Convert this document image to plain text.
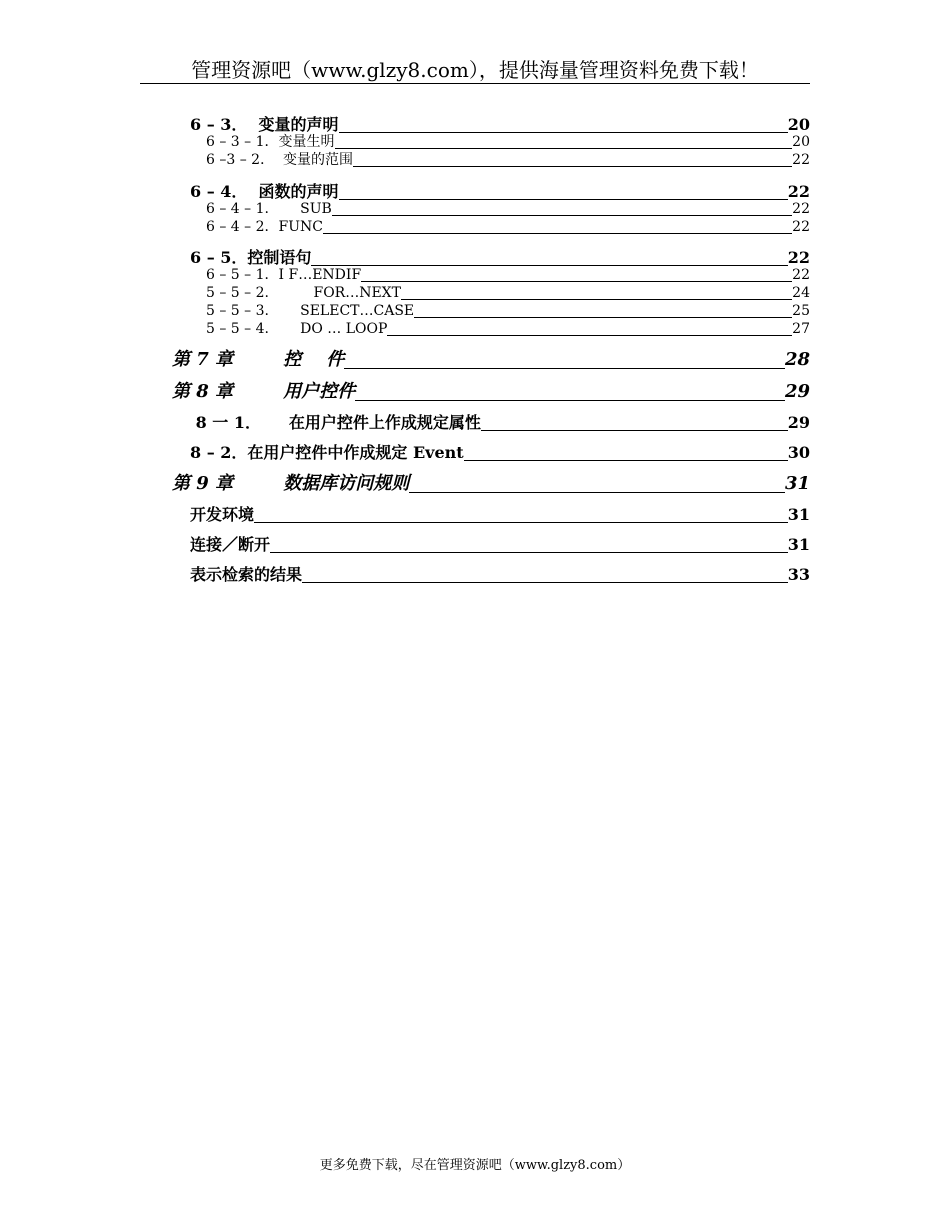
管理资源吧（www.glzy8.com），提供海量管理资料免费下载！
6 – 3．  变量的声明	20
6 – 3 – 1．变量生明	20
6 –3 – 2．  变量的范围	22
6 – 4．  函数的声明	22
6 – 4 – 1.       SUB	22
6 – 4 – 2．FUNC	22
6 – 5．控制语句	22
6 – 5 – 1．I F…ENDIF	22
5 – 5 – 2.          FOR…NEXT	24
5 – 5 – 3.       SELECT…CASE	25
5 – 5 – 4.       DO … LOOP	27
第 7 章        控    件	28
第 8 章        用户控件	29
8 一 1．     在用户控件上作成规定属性	29
8 – 2．在用户控件中作成规定 Event	30
第 9 章        数据库访问规则	31
开发环境	31
连接／断开	31
表示检索的结果	33
更多免费下载，尽在管理资源吧（www.glzy8.com）
